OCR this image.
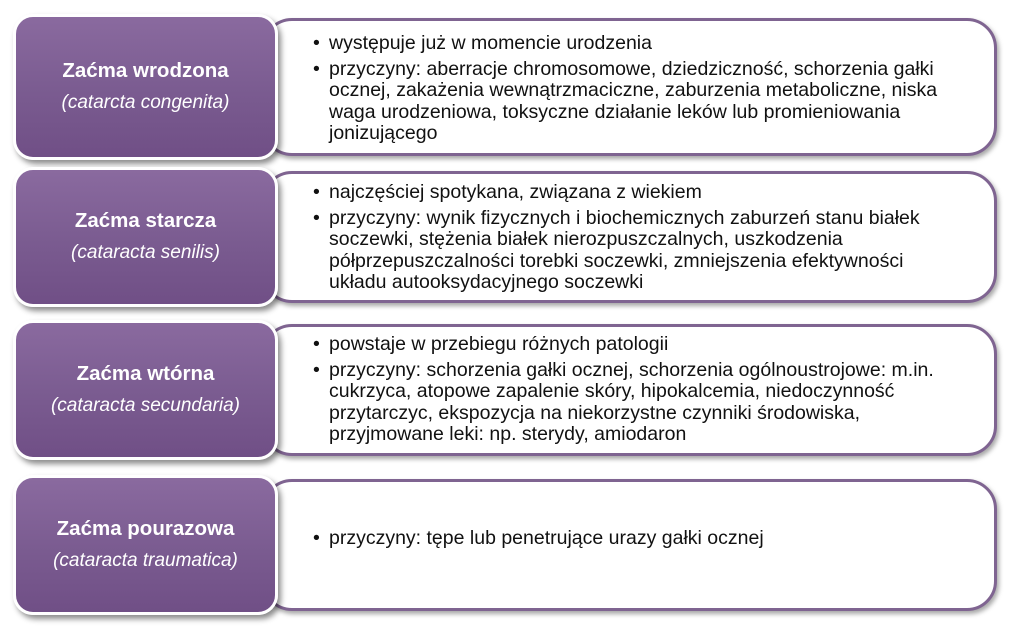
• występuje już w momencie urodzenia
• przyczyny: aberracje chromosomowe, dziedziczność, schorzenia gałki ocznej, zakażenia wewnątrzmaciczne, zaburzenia metaboliczne, niska waga urodzeniowa, toksyczne działanie leków lub promieniowania jonizującego
Zaćma wrodzona
(catarcta congenita)
• najczęściej spotykana, związana z wiekiem
• przyczyny: wynik fizycznych i biochemicznych zaburzeń stanu białek soczewki, stężenia białek nierozpuszczalnych, uszkodzenia półprzepuszczalności torebki soczewki, zmniejszenia efektywności układu autooksydacyjnego soczewki
Zaćma starcza
(cataracta senilis)
• powstaje w przebiegu różnych patologii
• przyczyny: schorzenia gałki ocznej, schorzenia ogólnoustrojowe: m.in. cukrzyca, atopowe zapalenie skóry, hipokalcemia, niedoczynność przytarczyc, ekspozycja na niekorzystne czynniki środowiska, przyjmowane leki: np. sterydy, amiodaron
Zaćma wtórna
(cataracta secundaria)
• przyczyny: tępe lub penetrujące urazy gałki ocznej
Zaćma pourazowa
(cataracta traumatica)
